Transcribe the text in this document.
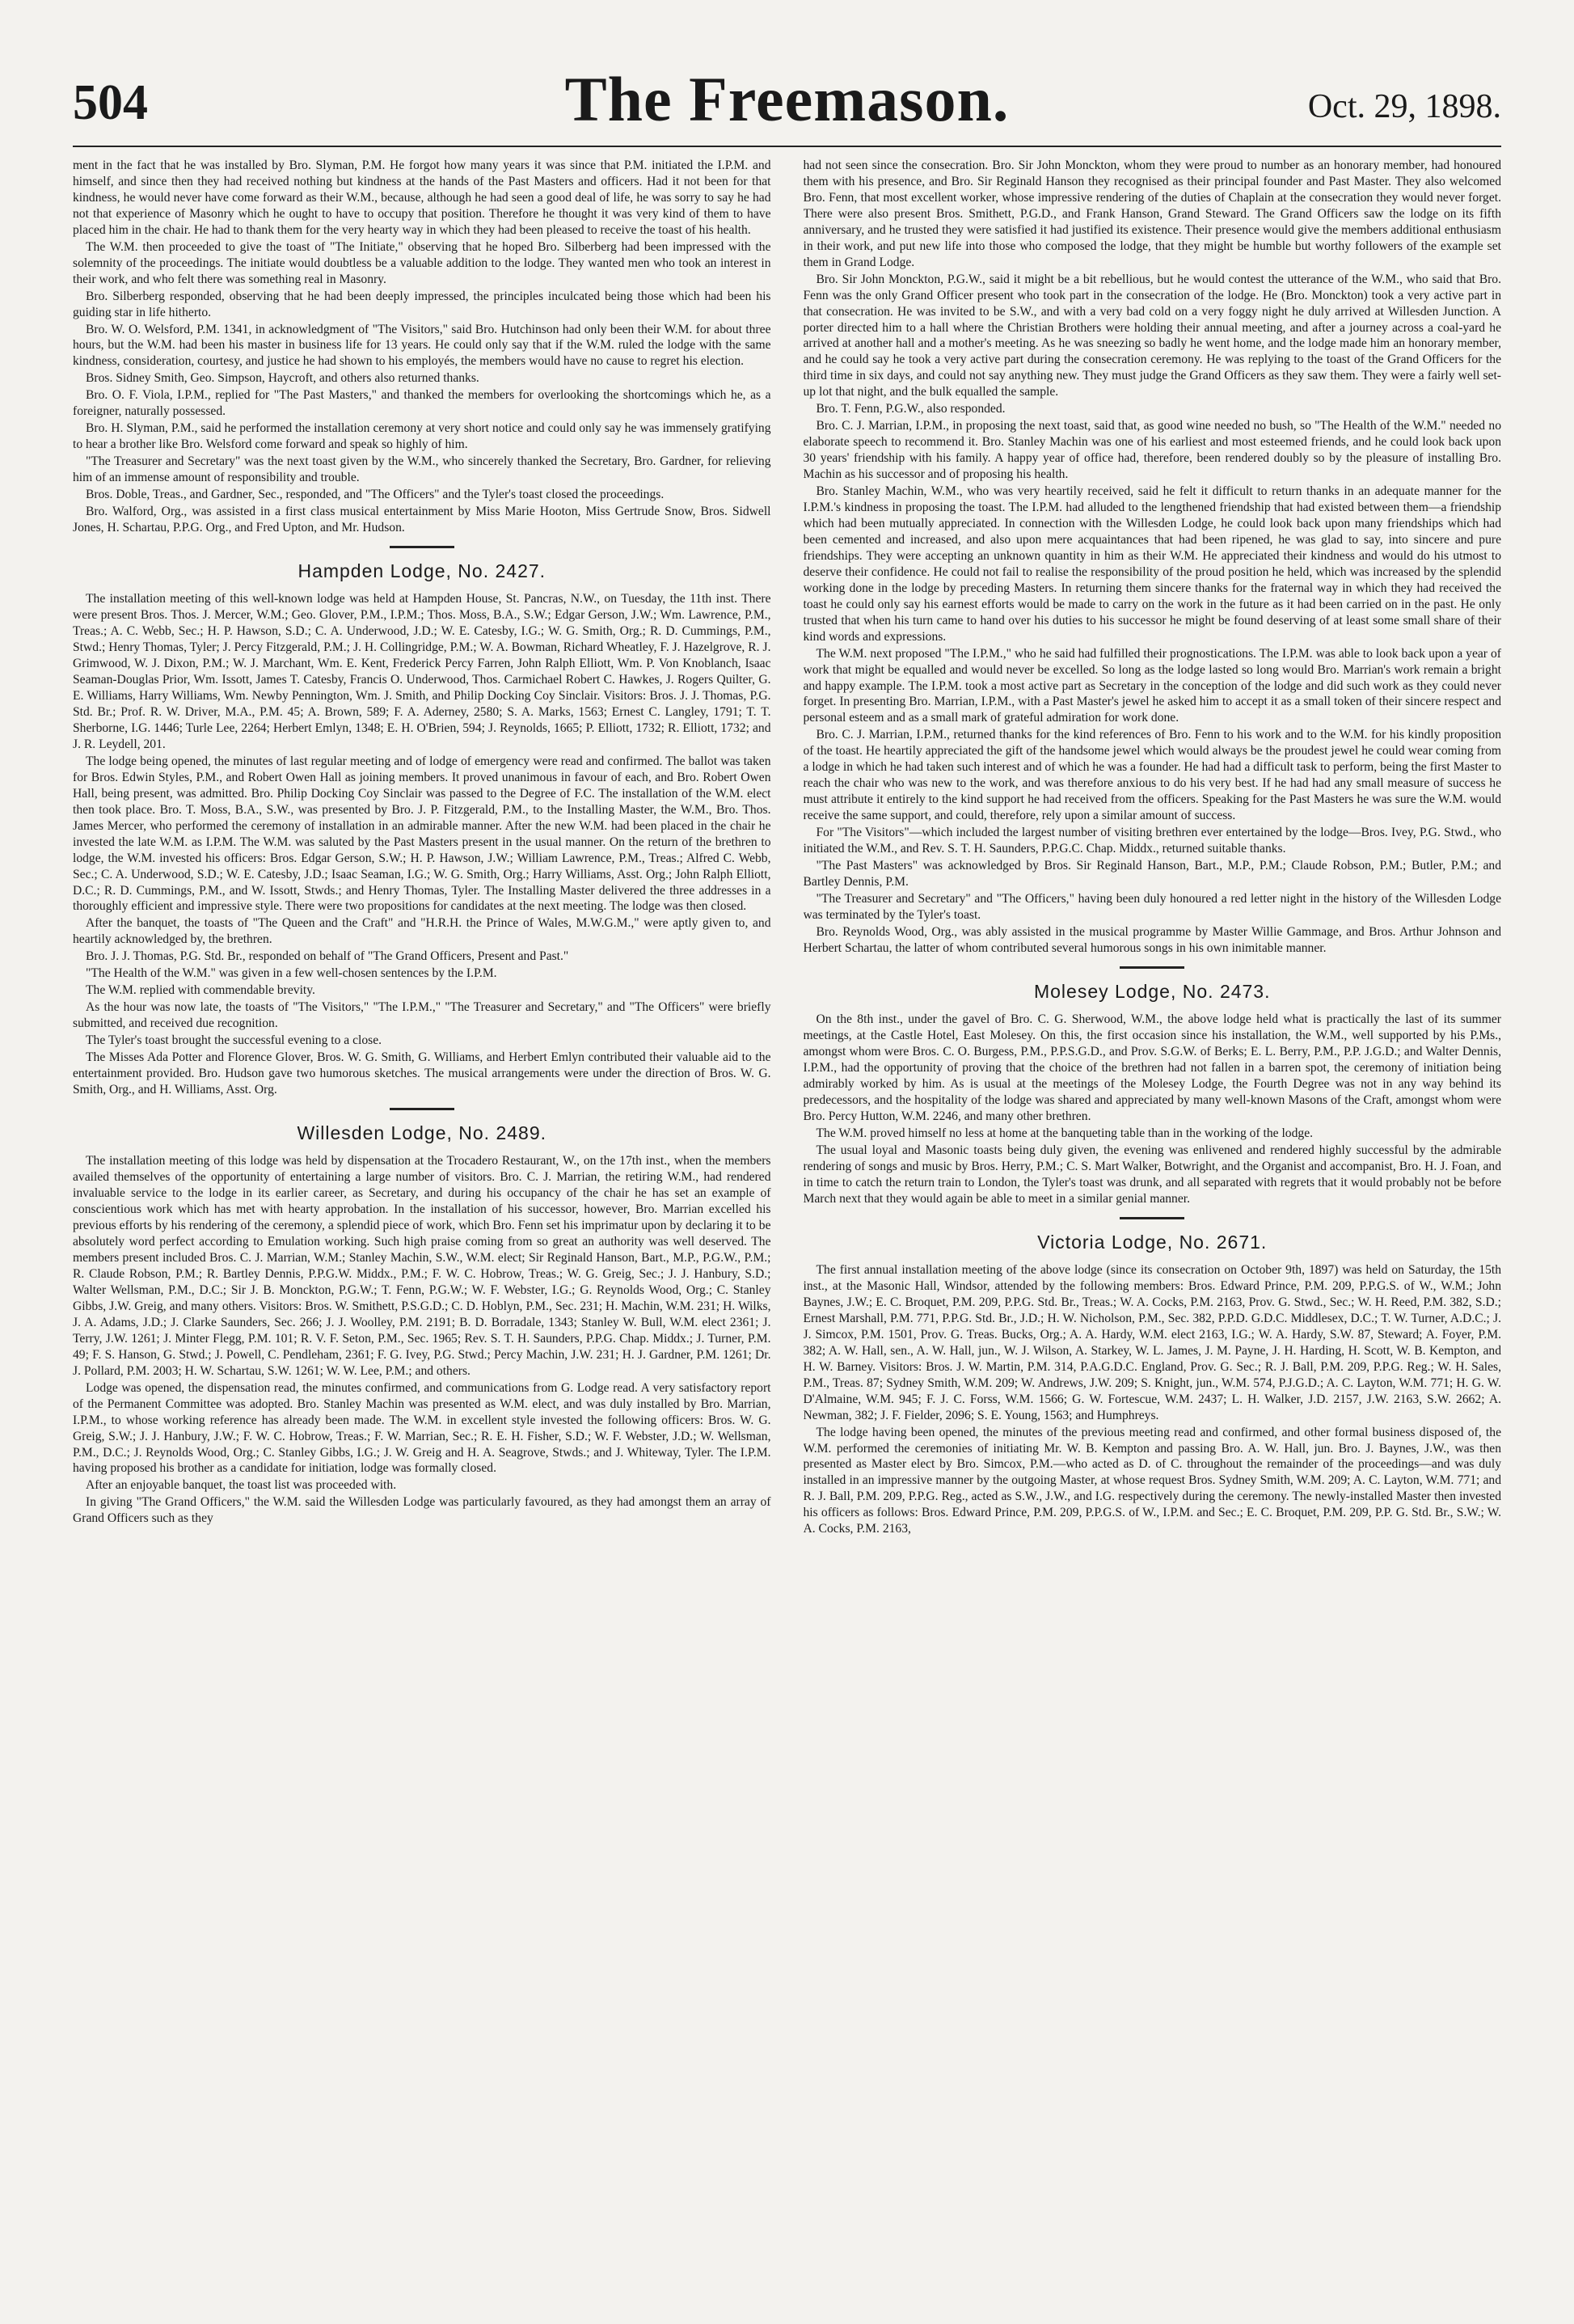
504	The Freemason.	Oct. 29, 1898.

ment in the fact that he was installed by Bro. Slyman, P.M. He forgot how many years it was since that P.M. initiated the I.P.M. and himself, and since then they had received nothing but kindness at the hands of the Past Masters and officers. Had it not been for that kindness, he would never have come forward as their W.M., because, although he had seen a good deal of life, he was sorry to say he had not that experience of Masonry which he ought to have to occupy that position. Therefore he thought it was very kind of them to have placed him in the chair. He had to thank them for the very hearty way in which they had been pleased to receive the toast of his health.

The W.M. then proceeded to give the toast of "The Initiate," observing that he hoped Bro. Silberberg had been impressed with the solemnity of the proceedings. The initiate would doubtless be a valuable addition to the lodge. They wanted men who took an interest in their work, and who felt there was something real in Masonry.

Bro. Silberberg responded, observing that he had been deeply impressed, the principles inculcated being those which had been his guiding star in life hitherto.

Bro. W. O. Welsford, P.M. 1341, in acknowledgment of "The Visitors," said Bro. Hutchinson had only been their W.M. for about three hours, but the W.M. had been his master in business life for 13 years. He could only say that if the W.M. ruled the lodge with the same kindness, consideration, courtesy, and justice he had shown to his employés, the members would have no cause to regret his election.

Bros. Sidney Smith, Geo. Simpson, Haycroft, and others also returned thanks.

Bro. O. F. Viola, I.P.M., replied for "The Past Masters," and thanked the members for overlooking the shortcomings which he, as a foreigner, naturally possessed.

Bro. H. Slyman, P.M., said he performed the installation ceremony at very short notice and could only say he was immensely gratifying to hear a brother like Bro. Welsford come forward and speak so highly of him.

"The Treasurer and Secretary" was the next toast given by the W.M., who sincerely thanked the Secretary, Bro. Gardner, for relieving him of an immense amount of responsibility and trouble.

Bros. Doble, Treas., and Gardner, Sec., responded, and "The Officers" and the Tyler's toast closed the proceedings.

Bro. Walford, Org., was assisted in a first class musical entertainment by Miss Marie Hooton, Miss Gertrude Snow, Bros. Sidwell Jones, H. Schartau, P.P.G. Org., and Fred Upton, and Mr. Hudson.

Hampden Lodge, No. 2427.

The installation meeting of this well-known lodge was held at Hampden House, St. Pancras, N.W., on Tuesday, the 11th inst. There were present Bros. Thos. J. Mercer, W.M.; Geo. Glover, P.M., I.P.M.; Thos. Moss, B.A., S.W.; Edgar Gerson, J.W.; Wm. Lawrence, P.M., Treas.; A. C. Webb, Sec.; H. P. Hawson, S.D.; C. A. Underwood, J.D.; W. E. Catesby, I.G.; W. G. Smith, Org.; R. D. Cummings, P.M., Stwd.; Henry Thomas, Tyler; J. Percy Fitzgerald, P.M.; J. H. Collingridge, P.M.; W. A. Bowman, Richard Wheatley, F. J. Hazelgrove, R. J. Grimwood, W. J. Dixon, P.M.; W. J. Marchant, Wm. E. Kent, Frederick Percy Farren, John Ralph Elliott, Wm. P. Von Knoblanch, Isaac Seaman-Douglas Prior, Wm. Issott, James T. Catesby, Francis O. Underwood, Thos. Carmichael Robert C. Hawkes, J. Rogers Quilter, G. E. Williams, Harry Williams, Wm. Newby Pennington, Wm. J. Smith, and Philip Docking Coy Sinclair. Visitors: Bros. J. J. Thomas, P.G. Std. Br.; Prof. R. W. Driver, M.A., P.M. 45; A. Brown, 589; F. A. Aderney, 2580; S. A. Marks, 1563; Ernest C. Langley, 1791; T. T. Sherborne, I.G. 1446; Turle Lee, 2264; Herbert Emlyn, 1348; E. H. O'Brien, 594; J. Reynolds, 1665; P. Elliott, 1732; R. Elliott, 1732; and J. R. Leydell, 201.

The lodge being opened, the minutes of last regular meeting and of lodge of emergency were read and confirmed. The ballot was taken for Bros. Edwin Styles, P.M., and Robert Owen Hall as joining members. It proved unanimous in favour of each, and Bro. Robert Owen Hall, being present, was admitted. Bro. Philip Docking Coy Sinclair was passed to the Degree of F.C. The installation of the W.M. elect then took place. Bro. T. Moss, B.A., S.W., was presented by Bro. J. P. Fitzgerald, P.M., to the Installing Master, the W.M., Bro. Thos. James Mercer, who performed the ceremony of installation in an admirable manner. After the new W.M. had been placed in the chair he invested the late W.M. as I.P.M. The W.M. was saluted by the Past Masters present in the usual manner. On the return of the brethren to lodge, the W.M. invested his officers: Bros. Edgar Gerson, S.W.; H. P. Hawson, J.W.; William Lawrence, P.M., Treas.; Alfred C. Webb, Sec.; C. A. Underwood, S.D.; W. E. Catesby, J.D.; Isaac Seaman, I.G.; W. G. Smith, Org.; Harry Williams, Asst. Org.; John Ralph Elliott, D.C.; R. D. Cummings, P.M., and W. Issott, Stwds.; and Henry Thomas, Tyler. The Installing Master delivered the three addresses in a thoroughly efficient and impressive style. There were two propositions for candidates at the next meeting. The lodge was then closed.

After the banquet, the toasts of "The Queen and the Craft" and "H.R.H. the Prince of Wales, M.W.G.M.," were aptly given to, and heartily acknowledged by, the brethren.

Bro. J. J. Thomas, P.G. Std. Br., responded on behalf of "The Grand Officers, Present and Past."

"The Health of the W.M." was given in a few well-chosen sentences by the I.P.M.

The W.M. replied with commendable brevity.

As the hour was now late, the toasts of "The Visitors," "The I.P.M.," "The Treasurer and Secretary," and "The Officers" were briefly submitted, and received due recognition.

The Tyler's toast brought the successful evening to a close.

The Misses Ada Potter and Florence Glover, Bros. W. G. Smith, G. Williams, and Herbert Emlyn contributed their valuable aid to the entertainment provided. Bro. Hudson gave two humorous sketches. The musical arrangements were under the direction of Bros. W. G. Smith, Org., and H. Williams, Asst. Org.

Willesden Lodge, No. 2489.

The installation meeting of this lodge was held by dispensation at the Trocadero Restaurant, W., on the 17th inst., when the members availed themselves of the opportunity of entertaining a large number of visitors. Bro. C. J. Marrian, the retiring W.M., had rendered invaluable service to the lodge in its earlier career, as Secretary, and during his occupancy of the chair he has set an example of conscientious work which has met with hearty approbation. In the installation of his successor, however, Bro. Marrian excelled his previous efforts by his rendering of the ceremony, a splendid piece of work, which Bro. Fenn set his imprimatur upon by declaring it to be absolutely word perfect according to Emulation working. Such high praise coming from so great an authority was well deserved. The members present included Bros. C. J. Marrian, W.M.; Stanley Machin, S.W., W.M. elect; Sir Reginald Hanson, Bart., M.P., P.G.W., P.M.; R. Claude Robson, P.M.; R. Bartley Dennis, P.P.G.W. Middx., P.M.; F. W. C. Hobrow, Treas.; W. G. Greig, Sec.; J. J. Hanbury, S.D.; Walter Wellsman, P.M., D.C.; Sir J. B. Monckton, P.G.W.; T. Fenn, P.G.W.; W. F. Webster, I.G.; G. Reynolds Wood, Org.; C. Stanley Gibbs, J.W. Greig, and many others. Visitors: Bros. W. Smithett, P.S.G.D.; C. D. Hoblyn, P.M., Sec. 231; H. Machin, W.M. 231; H. Wilks, J. A. Adams, J.D.; J. Clarke Saunders, Sec. 266; J. J. Woolley, P.M. 2191; B. D. Borradale, 1343; Stanley W. Bull, W.M. elect 2361; J. Terry, J.W. 1261; J. Minter Flegg, P.M. 101; R. V. F. Seton, P.M., Sec. 1965; Rev. S. T. H. Saunders, P.P.G. Chap. Middx.; J. Turner, P.M. 49; F. S. Hanson, G. Stwd.; J. Powell, C. Pendleham, 2361; F. G. Ivey, P.G. Stwd.; Percy Machin, J.W. 231; H. J. Gardner, P.M. 1261; Dr. J. Pollard, P.M. 2003; H. W. Schartau, S.W. 1261; W. W. Lee, P.M.; and others.

Lodge was opened, the dispensation read, the minutes confirmed, and communications from G. Lodge read. A very satisfactory report of the Permanent Committee was adopted. Bro. Stanley Machin was presented as W.M. elect, and was duly installed by Bro. Marrian, I.P.M., to whose working reference has already been made. The W.M. in excellent style invested the following officers: Bros. W. G. Greig, S.W.; J. J. Hanbury, J.W.; F. W. C. Hobrow, Treas.; F. W. Marrian, Sec.; R. E. H. Fisher, S.D.; W. F. Webster, J.D.; W. Wellsman, P.M., D.C.; J. Reynolds Wood, Org.; C. Stanley Gibbs, I.G.; J. W. Greig and H. A. Seagrove, Stwds.; and J. Whiteway, Tyler. The I.P.M. having proposed his brother as a candidate for initiation, lodge was formally closed.

After an enjoyable banquet, the toast list was proceeded with.

In giving "The Grand Officers," the W.M. said the Willesden Lodge was particularly favoured, as they had amongst them an array of Grand Officers such as they

had not seen since the consecration. Bro. Sir John Monckton, whom they were proud to number as an honorary member, had honoured them with his presence, and Bro. Sir Reginald Hanson they recognised as their principal founder and Past Master. They also welcomed Bro. Fenn, that most excellent worker, whose impressive rendering of the duties of Chaplain at the consecration they would never forget. There were also present Bros. Smithett, P.G.D., and Frank Hanson, Grand Steward. The Grand Officers saw the lodge on its fifth anniversary, and he trusted they were satisfied it had justified its existence. Their presence would give the members additional enthusiasm in their work, and put new life into those who composed the lodge, that they might be humble but worthy followers of the example set them in Grand Lodge.

Bro. Sir John Monckton, P.G.W., said it might be a bit rebellious, but he would contest the utterance of the W.M., who said that Bro. Fenn was the only Grand Officer present who took part in the consecration of the lodge. He (Bro. Monckton) took a very active part in that consecration. He was invited to be S.W., and with a very bad cold on a very foggy night he duly arrived at Willesden Junction. A porter directed him to a hall where the Christian Brothers were holding their annual meeting, and after a journey across a coal-yard he arrived at another hall and a mother's meeting. As he was sneezing so badly he went home, and the lodge made him an honorary member, and he could say he took a very active part during the consecration ceremony. He was replying to the toast of the Grand Officers for the third time in six days, and could not say anything new. They must judge the Grand Officers as they saw them. They were a fairly well set-up lot that night, and the bulk equalled the sample.

Bro. T. Fenn, P.G.W., also responded.

Bro. C. J. Marrian, I.P.M., in proposing the next toast, said that, as good wine needed no bush, so "The Health of the W.M." needed no elaborate speech to recommend it. Bro. Stanley Machin was one of his earliest and most esteemed friends, and he could look back upon 30 years' friendship with his family. A happy year of office had, therefore, been rendered doubly so by the pleasure of installing Bro. Machin as his successor and of proposing his health.

Bro. Stanley Machin, W.M., who was very heartily received, said he felt it difficult to return thanks in an adequate manner for the I.P.M.'s kindness in proposing the toast. The I.P.M. had alluded to the lengthened friendship that had existed between them—a friendship which had been mutually appreciated. In connection with the Willesden Lodge, he could look back upon many friendships which had been cemented and increased, and also upon mere acquaintances that had been ripened, he was glad to say, into sincere and pure friendships. They were accepting an unknown quantity in him as their W.M. He appreciated their kindness and would do his utmost to deserve their confidence. He could not fail to realise the responsibility of the proud position he held, which was increased by the splendid working done in the lodge by preceding Masters. In returning them sincere thanks for the fraternal way in which they had received the toast he could only say his earnest efforts would be made to carry on the work in the future as it had been carried on in the past. He only trusted that when his turn came to hand over his duties to his successor he might be found deserving of at least some small share of their kind words and expressions.

The W.M. next proposed "The I.P.M.," who he said had fulfilled their prognostications. The I.P.M. was able to look back upon a year of work that might be equalled and would never be excelled. So long as the lodge lasted so long would Bro. Marrian's work remain a bright and happy example. The I.P.M. took a most active part as Secretary in the conception of the lodge and did such work as they could never forget. In presenting Bro. Marrian, I.P.M., with a Past Master's jewel he asked him to accept it as a small token of their sincere respect and personal esteem and as a small mark of grateful admiration for work done.

Bro. C. J. Marrian, I.P.M., returned thanks for the kind references of Bro. Fenn to his work and to the W.M. for his kindly proposition of the toast. He heartily appreciated the gift of the handsome jewel which would always be the proudest jewel he could wear coming from a lodge in which he had taken such interest and of which he was a founder. He had had a difficult task to perform, being the first Master to reach the chair who was new to the work, and was therefore anxious to do his very best. If he had had any small measure of success he must attribute it entirely to the kind support he had received from the officers. Speaking for the Past Masters he was sure the W.M. would receive the same support, and could, therefore, rely upon a similar amount of success.

For "The Visitors"—which included the largest number of visiting brethren ever entertained by the lodge—Bros. Ivey, P.G. Stwd., who initiated the W.M., and Rev. S. T. H. Saunders, P.P.G.C. Chap. Middx., returned suitable thanks.

"The Past Masters" was acknowledged by Bros. Sir Reginald Hanson, Bart., M.P., P.M.; Claude Robson, P.M.; Butler, P.M.; and Bartley Dennis, P.M.

"The Treasurer and Secretary" and "The Officers," having been duly honoured a red letter night in the history of the Willesden Lodge was terminated by the Tyler's toast.

Bro. Reynolds Wood, Org., was ably assisted in the musical programme by Master Willie Gammage, and Bros. Arthur Johnson and Herbert Schartau, the latter of whom contributed several humorous songs in his own inimitable manner.

Molesey Lodge, No. 2473.

On the 8th inst., under the gavel of Bro. C. G. Sherwood, W.M., the above lodge held what is practically the last of its summer meetings, at the Castle Hotel, East Molesey. On this, the first occasion since his installation, the W.M., well supported by his P.Ms., amongst whom were Bros. C. O. Burgess, P.M., P.P.S.G.D., and Prov. S.G.W. of Berks; E. L. Berry, P.M., P.P. J.G.D.; and Walter Dennis, I.P.M., had the opportunity of proving that the choice of the brethren had not fallen in a barren spot, the ceremony of initiation being admirably worked by him. As is usual at the meetings of the Molesey Lodge, the Fourth Degree was not in any way behind its predecessors, and the hospitality of the lodge was shared and appreciated by many well-known Masons of the Craft, amongst whom were Bro. Percy Hutton, W.M. 2246, and many other brethren.

The W.M. proved himself no less at home at the banqueting table than in the working of the lodge.

The usual loyal and Masonic toasts being duly given, the evening was enlivened and rendered highly successful by the admirable rendering of songs and music by Bros. Herry, P.M.; C. S. Mart Walker, Botwright, and the Organist and accompanist, Bro. H. J. Foan, and in time to catch the return train to London, the Tyler's toast was drunk, and all separated with regrets that it would probably not be before March next that they would again be able to meet in a similar genial manner.

Victoria Lodge, No. 2671.

The first annual installation meeting of the above lodge (since its consecration on October 9th, 1897) was held on Saturday, the 15th inst., at the Masonic Hall, Windsor, attended by the following members: Bros. Edward Prince, P.M. 209, P.P.G.S. of W., W.M.; John Baynes, J.W.; E. C. Broquet, P.M. 209, P.P.G. Std. Br., Treas.; W. A. Cocks, P.M. 2163, Prov. G. Stwd., Sec.; W. H. Reed, P.M. 382, S.D.; Ernest Marshall, P.M. 771, P.P.G. Std. Br., J.D.; H. W. Nicholson, P.M., Sec. 382, P.P.D. G.D.C. Middlesex, D.C.; T. W. Turner, A.D.C.; J. J. Simcox, P.M. 1501, Prov. G. Treas. Bucks, Org.; A. A. Hardy, W.M. elect 2163, I.G.; W. A. Hardy, S.W. 87, Steward; A. Foyer, P.M. 382; A. W. Hall, sen., A. W. Hall, jun., W. J. Wilson, A. Starkey, W. L. James, J. M. Payne, J. H. Harding, H. Scott, W. B. Kempton, and H. W. Barney. Visitors: Bros. J. W. Martin, P.M. 314, P.A.G.D.C. England, Prov. G. Sec.; R. J. Ball, P.M. 209, P.P.G. Reg.; W. H. Sales, P.M., Treas. 87; Sydney Smith, W.M. 209; W. Andrews, J.W. 209; S. Knight, jun., W.M. 574, P.J.G.D.; A. C. Layton, W.M. 771; H. G. W. D'Almaine, W.M. 945; F. J. C. Forss, W.M. 1566; G. W. Fortescue, W.M. 2437; L. H. Walker, J.D. 2157, J.W. 2163, S.W. 2662; A. Newman, 382; J. F. Fielder, 2096; S. E. Young, 1563; and Humphreys.

The lodge having been opened, the minutes of the previous meeting read and confirmed, and other formal business disposed of, the W.M. performed the ceremonies of initiating Mr. W. B. Kempton and passing Bro. A. W. Hall, jun. Bro. J. Baynes, J.W., was then presented as Master elect by Bro. Simcox, P.M.—who acted as D. of C. throughout the remainder of the proceedings—and was duly installed in an impressive manner by the outgoing Master, at whose request Bros. Sydney Smith, W.M. 209; A. C. Layton, W.M. 771; and R. J. Ball, P.M. 209, P.P.G. Reg., acted as S.W., J.W., and I.G. respectively during the ceremony. The newly-installed Master then invested his officers as follows: Bros. Edward Prince, P.M. 209, P.P.G.S. of W., I.P.M. and Sec.; E. C. Broquet, P.M. 209, P.P. G. Std. Br., S.W.; W. A. Cocks, P.M. 2163,
